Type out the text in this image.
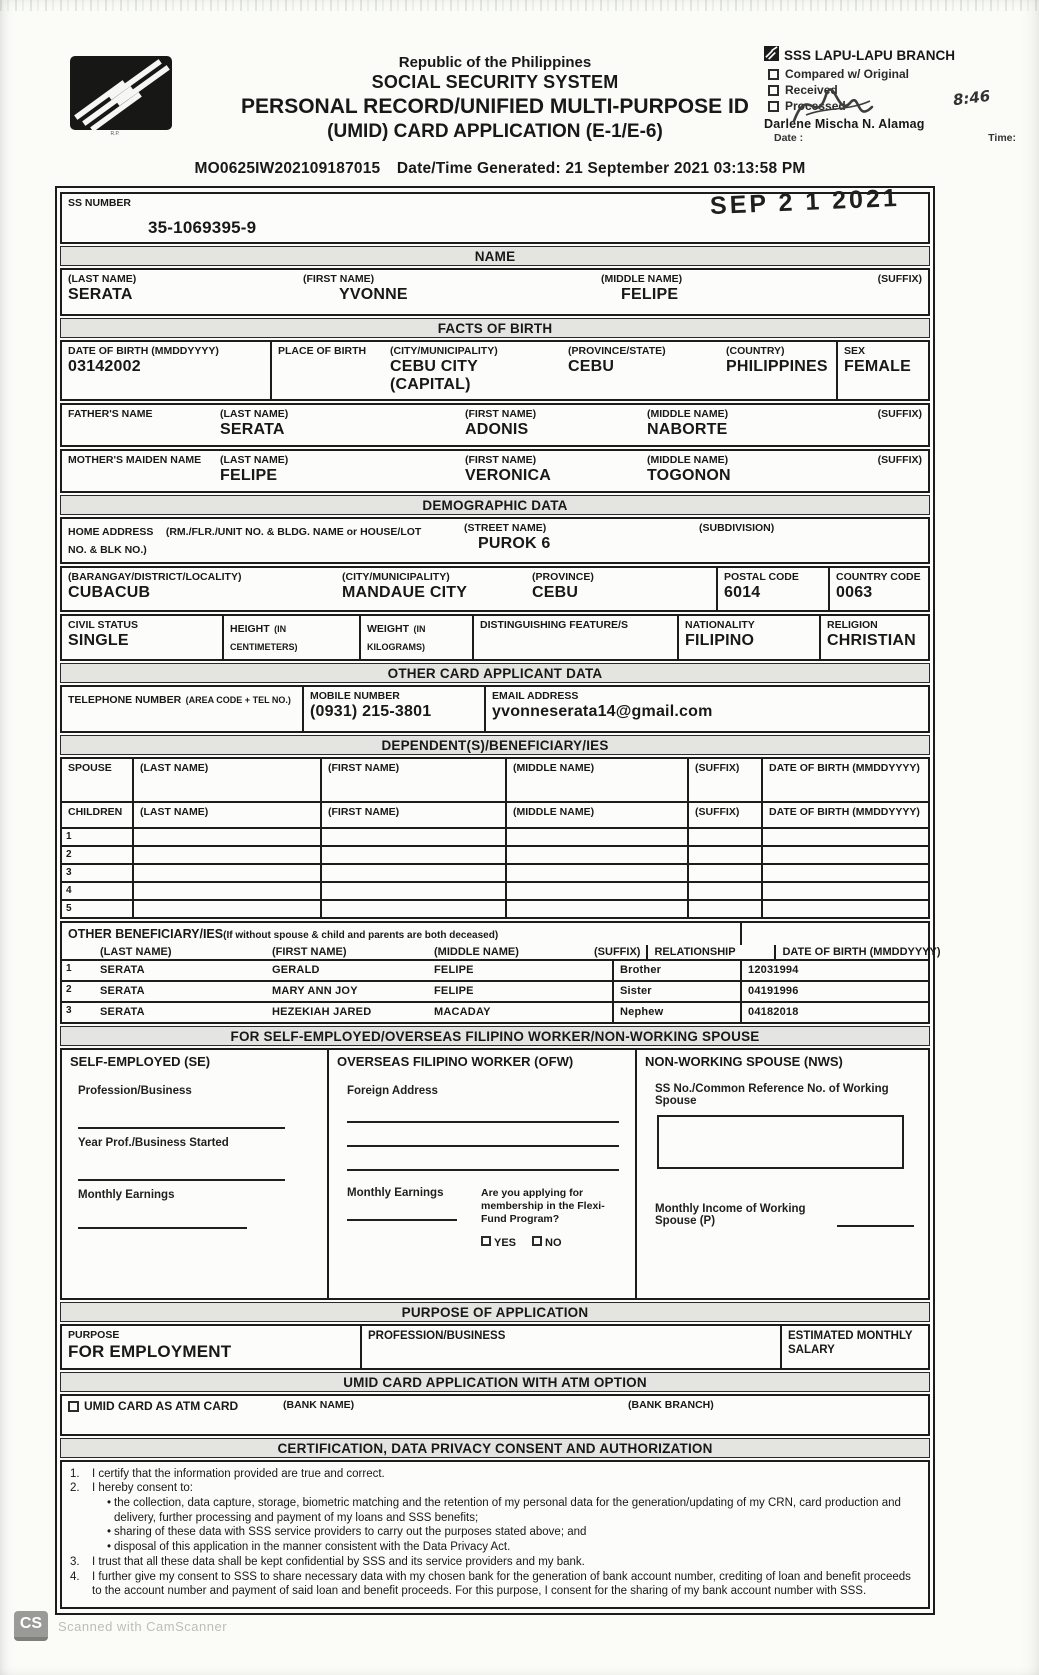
R.P.
Republic of the Philippines
SOCIAL SECURITY SYSTEM
PERSONAL RECORD/UNIFIED MULTI-PURPOSE ID
(UMID) CARD APPLICATION (E-1/E-6)
SSS LAPU-LAPU BRANCH
Compared w/ Original
Received
Processed	8:46
Darlene Mischa N. Alamag
Date :	Time:
MO0625IW202109187015 Date/Time Generated: 21 September 2021 03:13:58 PM
SS NUMBER
35-1069395-9
SEP 2 1 2021
NAME
(LAST NAME)
SERATA
(FIRST NAME)
YVONNE
(MIDDLE NAME)
FELIPE
(SUFFIX)
FACTS OF BIRTH
DATE OF BIRTH (MMDDYYYY)
03142002
PLACE OF BIRTH	(CITY/MUNICIPALITY)
CEBU CITY (CAPITAL)
(PROVINCE/STATE)
CEBU
(COUNTRY)
PHILIPPINES
SEX
FEMALE
FATHER'S NAME	(LAST NAME)
SERATA
(FIRST NAME)
ADONIS
(MIDDLE NAME)
NABORTE
(SUFFIX)
MOTHER'S MAIDEN NAME	(LAST NAME)
FELIPE
(FIRST NAME)
VERONICA
(MIDDLE NAME)
TOGONON
(SUFFIX)
DEMOGRAPHIC DATA
HOME ADDRESS (RM./FLR./UNIT NO. & BLDG. NAME or HOUSE/LOT NO. & BLK NO.)
(STREET NAME)
PUROK 6
(SUBDIVISION)
(BARANGAY/DISTRICT/LOCALITY)
CUBACUB
(CITY/MUNICIPALITY)
MANDAUE CITY
(PROVINCE)
CEBU
POSTAL CODE
6014
COUNTRY CODE
0063
CIVIL STATUS
SINGLE
HEIGHT (IN CENTIMETERS)
WEIGHT (IN KILOGRAMS)
DISTINGUISHING FEATURE/S	NATIONALITY
FILIPINO
RELIGION
CHRISTIAN
OTHER CARD APPLICANT DATA
TELEPHONE NUMBER (AREA CODE + TEL NO.)	MOBILE NUMBER
(0931) 215-3801
EMAIL ADDRESS
yvonneserata14@gmail.com
DEPENDENT(S)/BENEFICIARY/IES
SPOUSE	(LAST NAME)	(FIRST NAME)	(MIDDLE NAME)	(SUFFIX)	DATE OF BIRTH (MMDDYYYY)
CHILDREN	(LAST NAME)	(FIRST NAME)	(MIDDLE NAME)	(SUFFIX)	DATE OF BIRTH (MMDDYYYY)
1
2
3
4
5
OTHER BENEFICIARY/IES(If without spouse & child and parents are both deceased)
(LAST NAME)	(FIRST NAME)	(MIDDLE NAME)	(SUFFIX)	RELATIONSHIP	DATE OF BIRTH (MMDDYYYY)
1	SERATA	GERALD	FELIPE	Brother	12031994
2	SERATA	MARY ANN JOY	FELIPE	Sister	04191996
3	SERATA	HEZEKIAH JARED	MACADAY	Nephew	04182018
FOR SELF-EMPLOYED/OVERSEAS FILIPINO WORKER/NON-WORKING SPOUSE
SELF-EMPLOYED (SE)
Profession/Business
Year Prof./Business Started
Monthly Earnings
OVERSEAS FILIPINO WORKER (OFW)
Foreign Address
Monthly Earnings	Are you applying for membership in the Flexi-Fund Program?
YES	NO
NON-WORKING SPOUSE (NWS)
SS No./Common Reference No. of Working Spouse
Monthly Income of Working Spouse (P)
PURPOSE OF APPLICATION
PURPOSE
FOR EMPLOYMENT
PROFESSION/BUSINESS	ESTIMATED MONTHLY SALARY
UMID CARD APPLICATION WITH ATM OPTION
UMID CARD AS ATM CARD	(BANK NAME)	(BANK BRANCH)
CERTIFICATION, DATA PRIVACY CONSENT AND AUTHORIZATION
1.	I certify that the information provided are true and correct.
2.	I hereby consent to:
• the collection, data capture, storage, biometric matching and the retention of my personal data for the generation/updating of my CRN, card production and delivery, further processing and payment of my loans and SSS benefits;
• sharing of these data with SSS service providers to carry out the purposes stated above; and
• disposal of this application in the manner consistent with the Data Privacy Act.
3.	I trust that all these data shall be kept confidential by SSS and its service providers and my bank.
4.	I further give my consent to SSS to share necessary data with my chosen bank for the generation of bank account number, crediting of loan and benefit proceeds to the account number and payment of said loan and benefit proceeds. For this purpose, I consent for the sharing of my bank account number with SSS.
CS	Scanned with CamScanner
